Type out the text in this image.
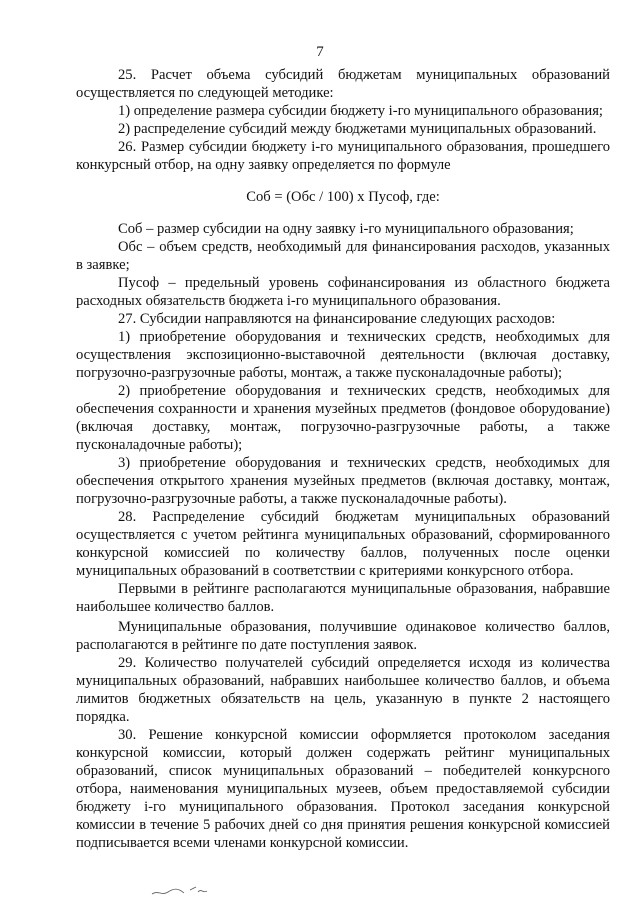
7

25. Расчет объема субсидий бюджетам муниципальных образований осуществляется по следующей методике:

1) определение размера субсидии бюджету i-го муниципального образования;

2) распределение субсидий между бюджетами муниципальных образований.

26. Размер субсидии бюджету i-го муниципального образования, прошедшего конкурсный отбор, на одну заявку определяется по формуле

Соб = (Обс / 100) х Пусоф, где:

Соб – размер субсидии на одну заявку i-го муниципального образования;

Обс – объем средств, необходимый для финансирования расходов, указанных в заявке;

Пусоф – предельный уровень софинансирования из областного бюджета расходных обязательств бюджета i-го муниципального образования.

27. Субсидии направляются на финансирование следующих расходов:

1) приобретение оборудования и технических средств, необходимых для осуществления экспозиционно-выставочной деятельности (включая доставку, погрузочно-разгрузочные работы, монтаж, а также пусконаладочные работы);

2) приобретение оборудования и технических средств, необходимых для обеспечения сохранности и хранения музейных предметов (фондовое оборудование) (включая доставку, монтаж, погрузочно-разгрузочные работы, а также пусконаладочные работы);

3) приобретение оборудования и технических средств, необходимых для обеспечения открытого хранения музейных предметов (включая доставку, монтаж, погрузочно-разгрузочные работы, а также пусконаладочные работы).

28. Распределение субсидий бюджетам муниципальных образований осуществляется с учетом рейтинга муниципальных образований, сформированного конкурсной комиссией по количеству баллов, полученных после оценки муниципальных образований в соответствии с критериями конкурсного отбора.

Первыми в рейтинге располагаются муниципальные образования, набравшие наибольшее количество баллов.

Муниципальные образования, получившие одинаковое количество баллов, располагаются в рейтинге по дате поступления заявок.

29. Количество получателей субсидий определяется исходя из количества муниципальных образований, набравших наибольшее количество баллов, и объема лимитов бюджетных обязательств на цель, указанную в пункте 2 настоящего порядка.

30. Решение конкурсной комиссии оформляется протоколом заседания конкурсной комиссии, который должен содержать рейтинг муниципальных образований, список муниципальных образований – победителей конкурсного отбора, наименования муниципальных музеев, объем предоставляемой субсидии бюджету i-го муниципального образования. Протокол заседания конкурсной комиссии в течение 5 рабочих дней со дня принятия решения конкурсной комиссией подписывается всеми членами конкурсной комиссии.
